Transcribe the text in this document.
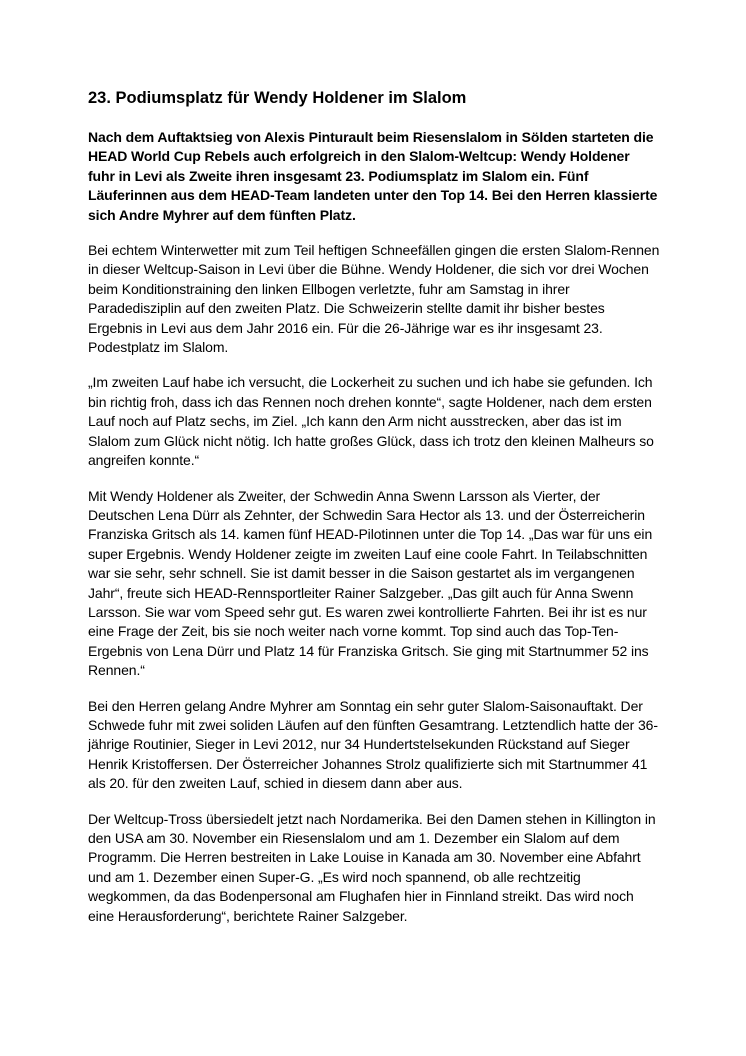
23. Podiumsplatz für Wendy Holdener im Slalom

Nach dem Auftaktsieg von Alexis Pinturault beim Riesenslalom in Sölden starteten die HEAD World Cup Rebels auch erfolgreich in den Slalom-Weltcup: Wendy Holdener fuhr in Levi als Zweite ihren insgesamt 23. Podiumsplatz im Slalom ein. Fünf Läuferinnen aus dem HEAD-Team landeten unter den Top 14. Bei den Herren klassierte sich Andre Myhrer auf dem fünften Platz.

Bei echtem Winterwetter mit zum Teil heftigen Schneefällen gingen die ersten Slalom-Rennen in dieser Weltcup-Saison in Levi über die Bühne. Wendy Holdener, die sich vor drei Wochen beim Konditionstraining den linken Ellbogen verletzte, fuhr am Samstag in ihrer Paradedisziplin auf den zweiten Platz. Die Schweizerin stellte damit ihr bisher bestes Ergebnis in Levi aus dem Jahr 2016 ein. Für die 26-Jährige war es ihr insgesamt 23. Podestplatz im Slalom.

„Im zweiten Lauf habe ich versucht, die Lockerheit zu suchen und ich habe sie gefunden. Ich bin richtig froh, dass ich das Rennen noch drehen konnte“, sagte Holdener, nach dem ersten Lauf noch auf Platz sechs, im Ziel. „Ich kann den Arm nicht ausstrecken, aber das ist im Slalom zum Glück nicht nötig. Ich hatte großes Glück, dass ich trotz den kleinen Malheurs so angreifen konnte.“

Mit Wendy Holdener als Zweiter, der Schwedin Anna Swenn Larsson als Vierter, der Deutschen Lena Dürr als Zehnter, der Schwedin Sara Hector als 13. und der Österreicherin Franziska Gritsch als 14. kamen fünf HEAD-Pilotinnen unter die Top 14. „Das war für uns ein super Ergebnis. Wendy Holdener zeigte im zweiten Lauf eine coole Fahrt. In Teilabschnitten war sie sehr, sehr schnell. Sie ist damit besser in die Saison gestartet als im vergangenen Jahr“, freute sich HEAD-Rennsportleiter Rainer Salzgeber. „Das gilt auch für Anna Swenn Larsson. Sie war vom Speed sehr gut. Es waren zwei kontrollierte Fahrten. Bei ihr ist es nur eine Frage der Zeit, bis sie noch weiter nach vorne kommt. Top sind auch das Top-Ten-Ergebnis von Lena Dürr und Platz 14 für Franziska Gritsch. Sie ging mit Startnummer 52 ins Rennen.“

Bei den Herren gelang Andre Myhrer am Sonntag ein sehr guter Slalom-Saisonauftakt. Der Schwede fuhr mit zwei soliden Läufen auf den fünften Gesamtrang. Letztendlich hatte der 36-jährige Routinier, Sieger in Levi 2012, nur 34 Hundertstelsekunden Rückstand auf Sieger Henrik Kristoffersen. Der Österreicher Johannes Strolz qualifizierte sich mit Startnummer 41 als 20. für den zweiten Lauf, schied in diesem dann aber aus.

Der Weltcup-Tross übersiedelt jetzt nach Nordamerika. Bei den Damen stehen in Killington in den USA am 30. November ein Riesenslalom und am 1. Dezember ein Slalom auf dem Programm. Die Herren bestreiten in Lake Louise in Kanada am 30. November eine Abfahrt und am 1. Dezember einen Super-G. „Es wird noch spannend, ob alle rechtzeitig wegkommen, da das Bodenpersonal am Flughafen hier in Finnland streikt. Das wird noch eine Herausforderung“, berichtete Rainer Salzgeber.
